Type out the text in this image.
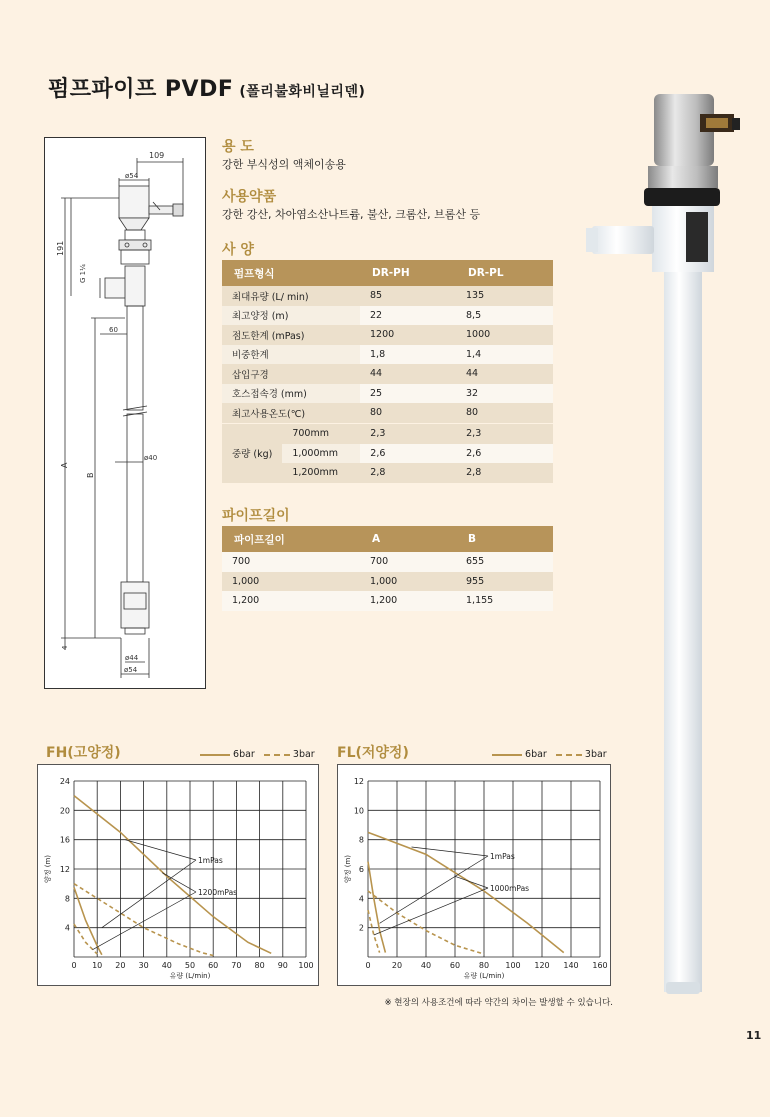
펌프파이프 PVDF (폴리불화비닐리덴)
109
ø54
191
G 1¼
60
ø40
A
B
4
ø44
ø54
용 도
강한 부식성의 액체이송용
사용약품
강한 강산, 차아염소산나트륨, 불산, 크롬산, 브롬산 등
사 양
펌프형식	DR-PH	DR-PL
최대유량 (L/ min)	85	135
최고양정 (m)	22	8,5
점도한계 (mPas)	1200	1000
비중한계	1,8	1,4
삽입구경	44	44
호스접속경 (mm)	25	32
최고사용온도(℃)	80	80
중량 (kg)	700mm	2,3	2,3
	1,000mm	2,6	2,6
	1,200mm	2,8	2,8
파이프길이
파이프길이	A	B
700	700	655
1,000	1,000	955
1,200	1,200	1,155
FH(고양정)	6bar	3bar
0 10 20 30 40 50 60 70 80 90 100
4
8
12
16
20
24
유량 (L/min)
양정 (m)	1mPas
1200mPas
FL(저양정)	6bar	3bar
0	20 40 60 80 100 120 140 160
2
4
6
8
10
12
유량 (L/min)
양정 (m)	1mPas
1000mPas
※ 현장의 사용조건에 따라 약간의 차이는 발생할 수 있습니다.
11
